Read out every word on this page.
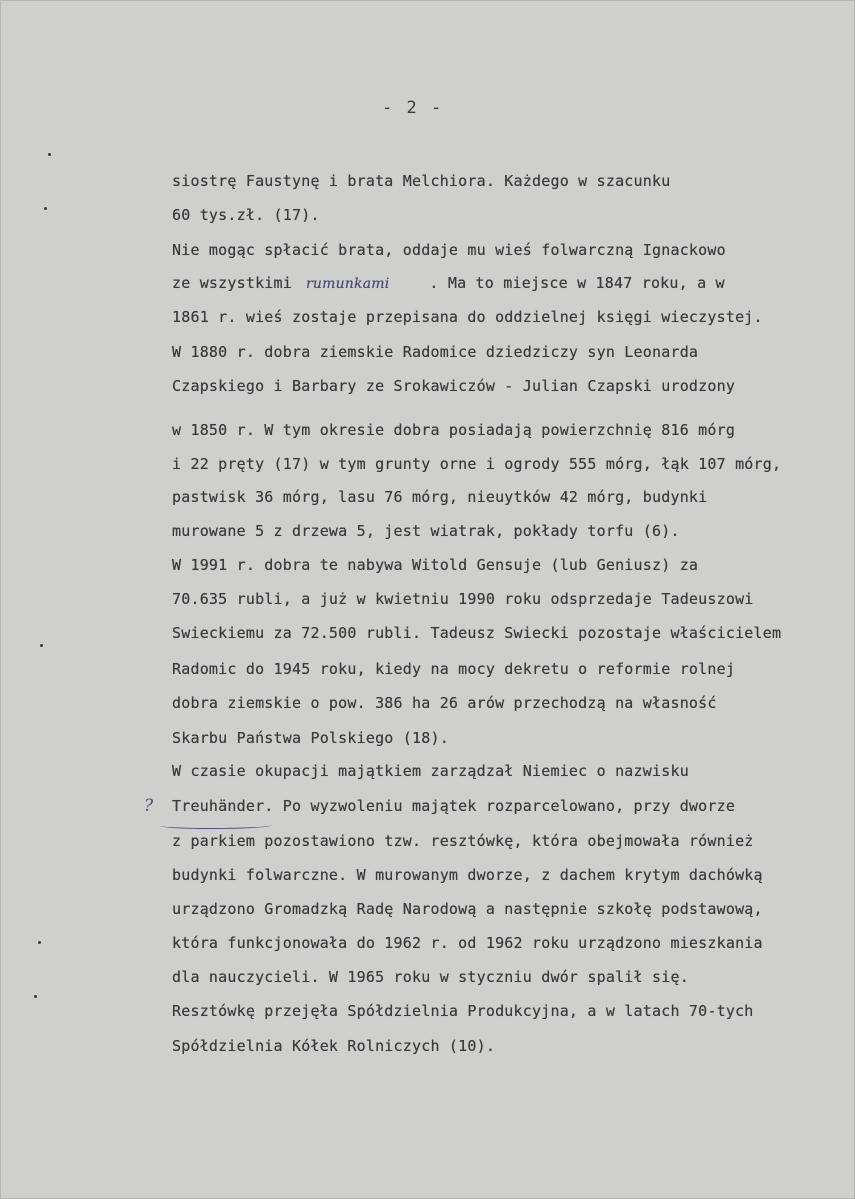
- 2 -
siostrę Faustynę i brata Melchiora. Każdego w szacunku
60 tys.zł. (17).
Nie mogąc spłacić brata, oddaje mu wieś folwarczną Ignackowo
ze wszystkimi rumunkami	. Ma to miejsce w 1847 roku, a w
1861 r. wieś zostaje przepisana do oddzielnej księgi wieczystej.
W 1880 r. dobra ziemskie Radomice dziedziczy syn Leonarda
Czapskiego i Barbary ze Srokawiczów - Julian Czapski urodzony
w 1850 r. W tym okresie dobra posiadają powierzchnię 816 mórg
i 22 pręty (17) w tym grunty orne i ogrody 555 mórg, łąk 107 mórg,
pastwisk 36 mórg, lasu 76 mórg, nieuytków 42 mórg, budynki
murowane 5 z drzewa 5, jest wiatrak, pokłady torfu (6).
W 1991 r. dobra te nabywa Witold Gensuje (lub Geniusz) za
70.635 rubli, a już w kwietniu 1990 roku odsprzedaje Tadeuszowi
Swieckiemu za 72.500 rubli. Tadeusz Swiecki pozostaje właścicielem
Radomic do 1945 roku, kiedy na mocy dekretu o reformie rolnej
dobra ziemskie o pow. 386 ha 26 arów przechodzą na własność
Skarbu Państwa Polskiego (18).
W czasie okupacji majątkiem zarządzał Niemiec o nazwisku
Treuhänder. Po wyzwoleniu majątek rozparcelowano, przy dworze
z parkiem pozostawiono tzw. resztówkę, która obejmowała również
budynki folwarczne. W murowanym dworze, z dachem krytym dachówką
urządzono Gromadzką Radę Narodową a następnie szkołę podstawową,
która funkcjonowała do 1962 r. od 1962 roku urządzono mieszkania
dla nauczycieli. W 1965 roku w styczniu dwór spalił się.
Resztówkę przejęła Spółdzielnia Produkcyjna, a w latach 70-tych
Spółdzielnia Kółek Rolniczych (10).
?
